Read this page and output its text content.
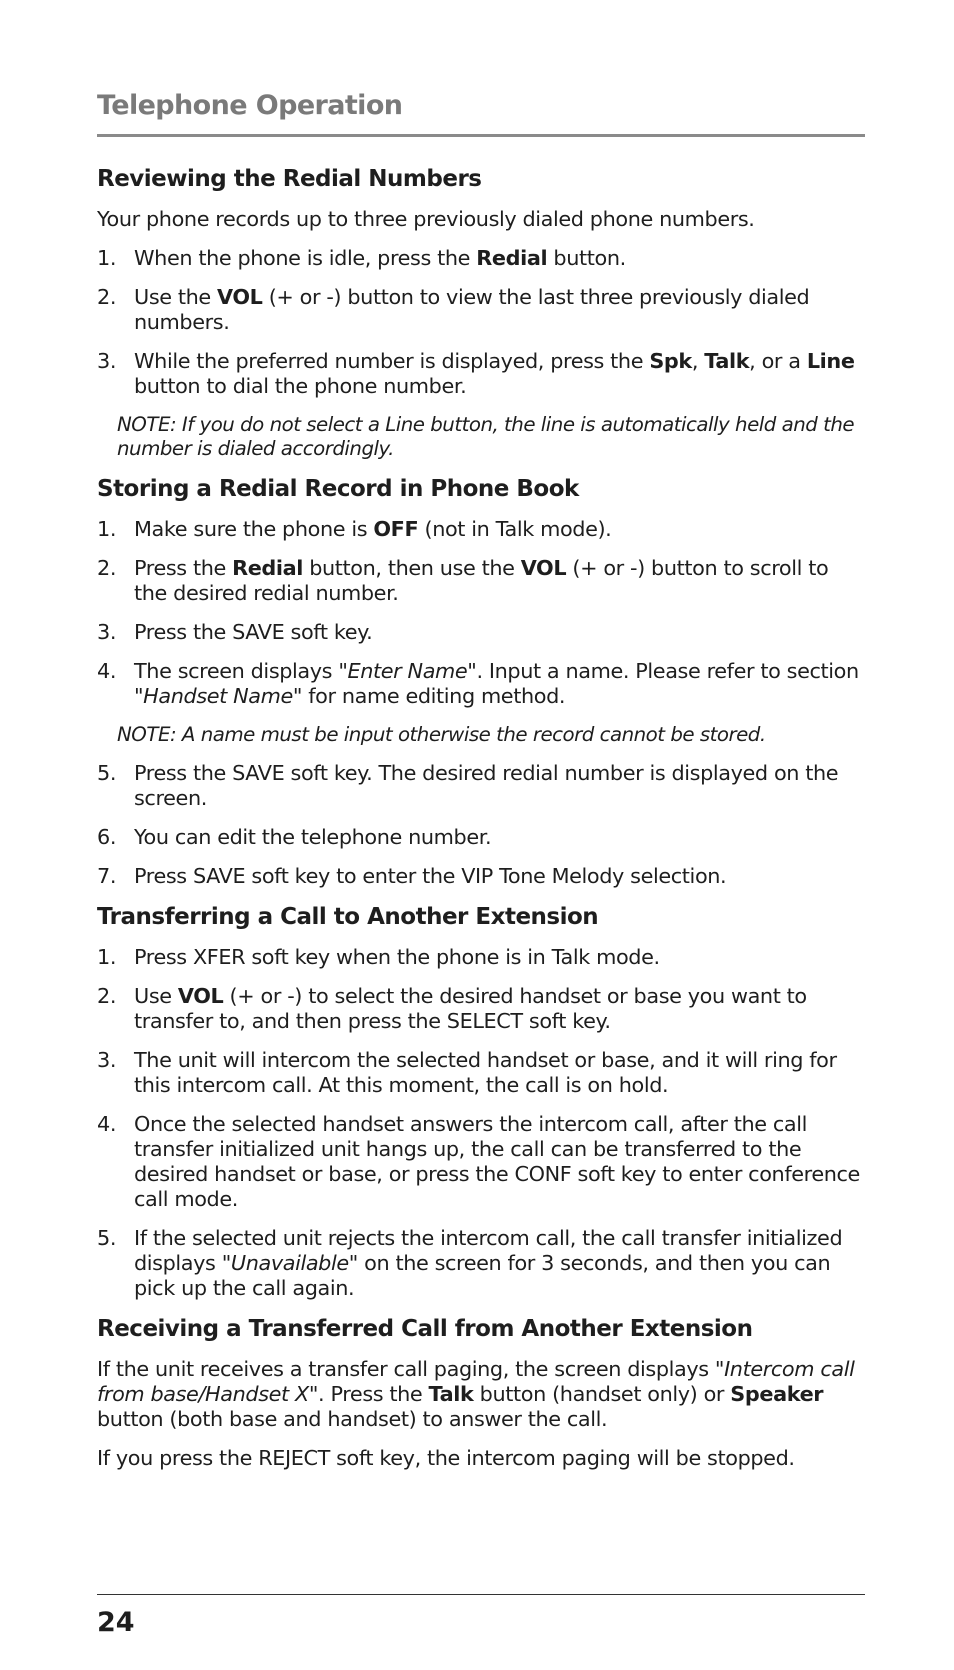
Telephone Operation
Reviewing the Redial Numbers

Your phone records up to three previously dialed phone numbers.

1. When the phone is idle, press the Redial button.
2. Use the VOL (+ or -) button to view the last three previously dialed numbers.
3. While the preferred number is displayed, press the Spk, Talk, or a Line button to dial the phone number.
NOTE: If you do not select a Line button, the line is automatically held and the number is dialed accordingly.
Storing a Redial Record in Phone Book
1. Make sure the phone is OFF (not in Talk mode).
2. Press the Redial button, then use the VOL (+ or -) button to scroll to the desired redial number.
3. Press the SAVE soft key.
4. The screen displays "Enter Name". Input a name. Please refer to section "Handset Name" for name editing method.
NOTE: A name must be input otherwise the record cannot be stored.
5. Press the SAVE soft key. The desired redial number is displayed on the screen.
6. You can edit the telephone number.
7. Press SAVE soft key to enter the VIP Tone Melody selection.
Transferring a Call to Another Extension
1. Press XFER soft key when the phone is in Talk mode.
2. Use VOL (+ or -) to select the desired handset or base you want to transfer to, and then press the SELECT soft key.
3. The unit will intercom the selected handset or base, and it will ring for this intercom call. At this moment, the call is on hold.
4. Once the selected handset answers the intercom call, after the call transfer initialized unit hangs up, the call can be transferred to the desired handset or base, or press the CONF soft key to enter conference call mode.
5. If the selected unit rejects the intercom call, the call transfer initialized displays "Unavailable" on the screen for 3 seconds, and then you can pick up the call again.
Receiving a Transferred Call from Another Extension

If the unit receives a transfer call paging, the screen displays "Intercom call from base/Handset X". Press the Talk button (handset only) or Speaker button (both base and handset) to answer the call.

If you press the REJECT soft key, the intercom paging will be stopped.

24
